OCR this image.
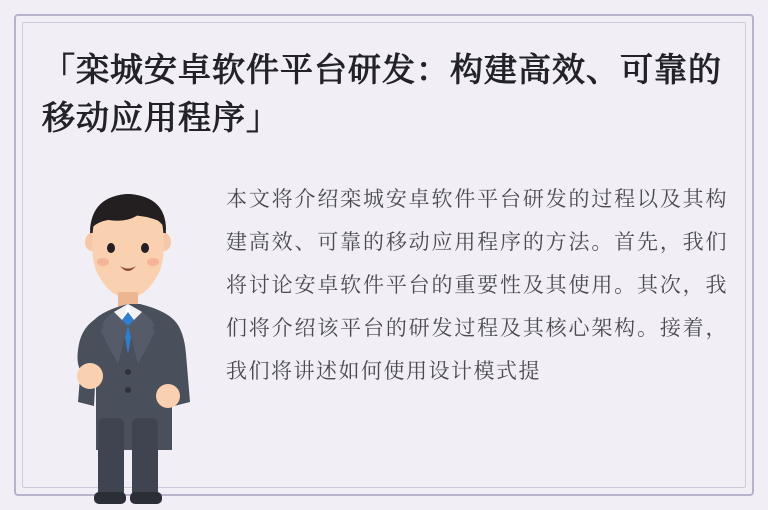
「栾城安卓软件平台研发：构建高效、可靠的移动应用程序」
本文将介绍栾城安卓软件平台研发的过程以及其构建高效、可靠的移动应用程序的方法。首先，我们将讨论安卓软件平台的重要性及其使用。其次，我们将介绍该平台的研发过程及其核心架构。接着，我们将讲述如何使用设计模式提
